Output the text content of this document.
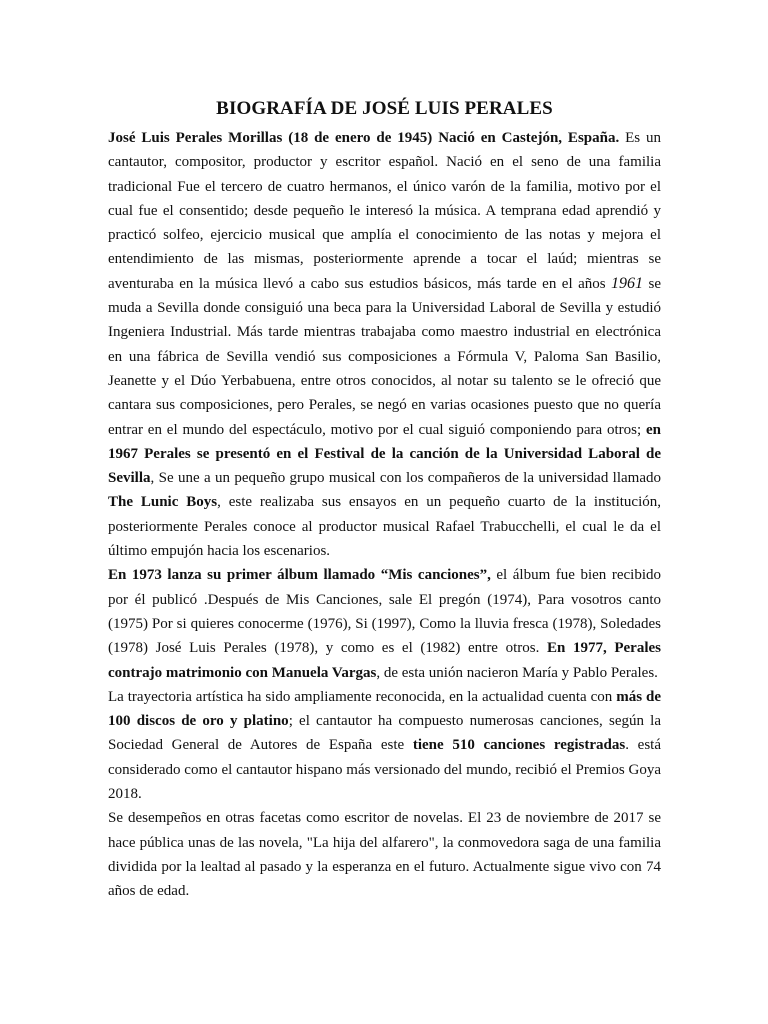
BIOGRAFÍA DE JOSÉ LUIS PERALES

José Luis Perales Morillas (18 de enero de 1945) Nació en Castejón, España. Es un cantautor, compositor, productor y escritor español. Nació en el seno de una familia tradicional Fue el tercero de cuatro hermanos, el único varón de la familia, motivo por el cual fue el consentido; desde pequeño le interesó la música. A temprana edad aprendió y practicó solfeo, ejercicio musical que amplía el conocimiento de las notas y mejora el entendimiento de las mismas, posteriormente aprende a tocar el laúd; mientras se aventuraba en la música llevó a cabo sus estudios básicos, más tarde en el años 1961 se muda a Sevilla donde consiguió una beca para la Universidad Laboral de Sevilla y estudió Ingeniera Industrial. Más tarde mientras trabajaba como maestro industrial en electrónica en una fábrica de Sevilla vendió sus composiciones a Fórmula V, Paloma San Basilio, Jeanette y el Dúo Yerbabuena, entre otros conocidos, al notar su talento se le ofreció que cantara sus composiciones, pero Perales, se negó en varias ocasiones puesto que no quería entrar en el mundo del espectáculo, motivo por el cual siguió componiendo para otros; en 1967 Perales se presentó en el Festival de la canción de la Universidad Laboral de Sevilla, Se une a un pequeño grupo musical con los compañeros de la universidad llamado The Lunic Boys, este realizaba sus ensayos en un pequeño cuarto de la institución, posteriormente Perales conoce al productor musical Rafael Trabucchelli, el cual le da el último empujón hacia los escenarios.

En 1973 lanza su primer álbum llamado “Mis canciones”, el álbum fue bien recibido por él publicó .Después de Mis Canciones, sale El pregón (1974), Para vosotros canto (1975) Por si quieres conocerme (1976), Si (1997), Como la lluvia fresca (1978), Soledades (1978) José Luis Perales (1978), y como es el (1982) entre otros. En 1977, Perales contrajo matrimonio con Manuela Vargas, de esta unión nacieron María y Pablo Perales.

La trayectoria artística ha sido ampliamente reconocida, en la actualidad cuenta con más de 100 discos de oro y platino; el cantautor ha compuesto numerosas canciones, según la Sociedad General de Autores de España este tiene 510 canciones registradas. está considerado como el cantautor hispano más versionado del mundo, recibió el Premios Goya 2018.

Se desempeños en otras facetas como escritor de novelas. El 23 de noviembre de 2017 se hace pública unas de las novela, "La hija del alfarero", la conmovedora saga de una familia dividida por la lealtad al pasado y la esperanza en el futuro. Actualmente sigue vivo con 74 años de edad.
